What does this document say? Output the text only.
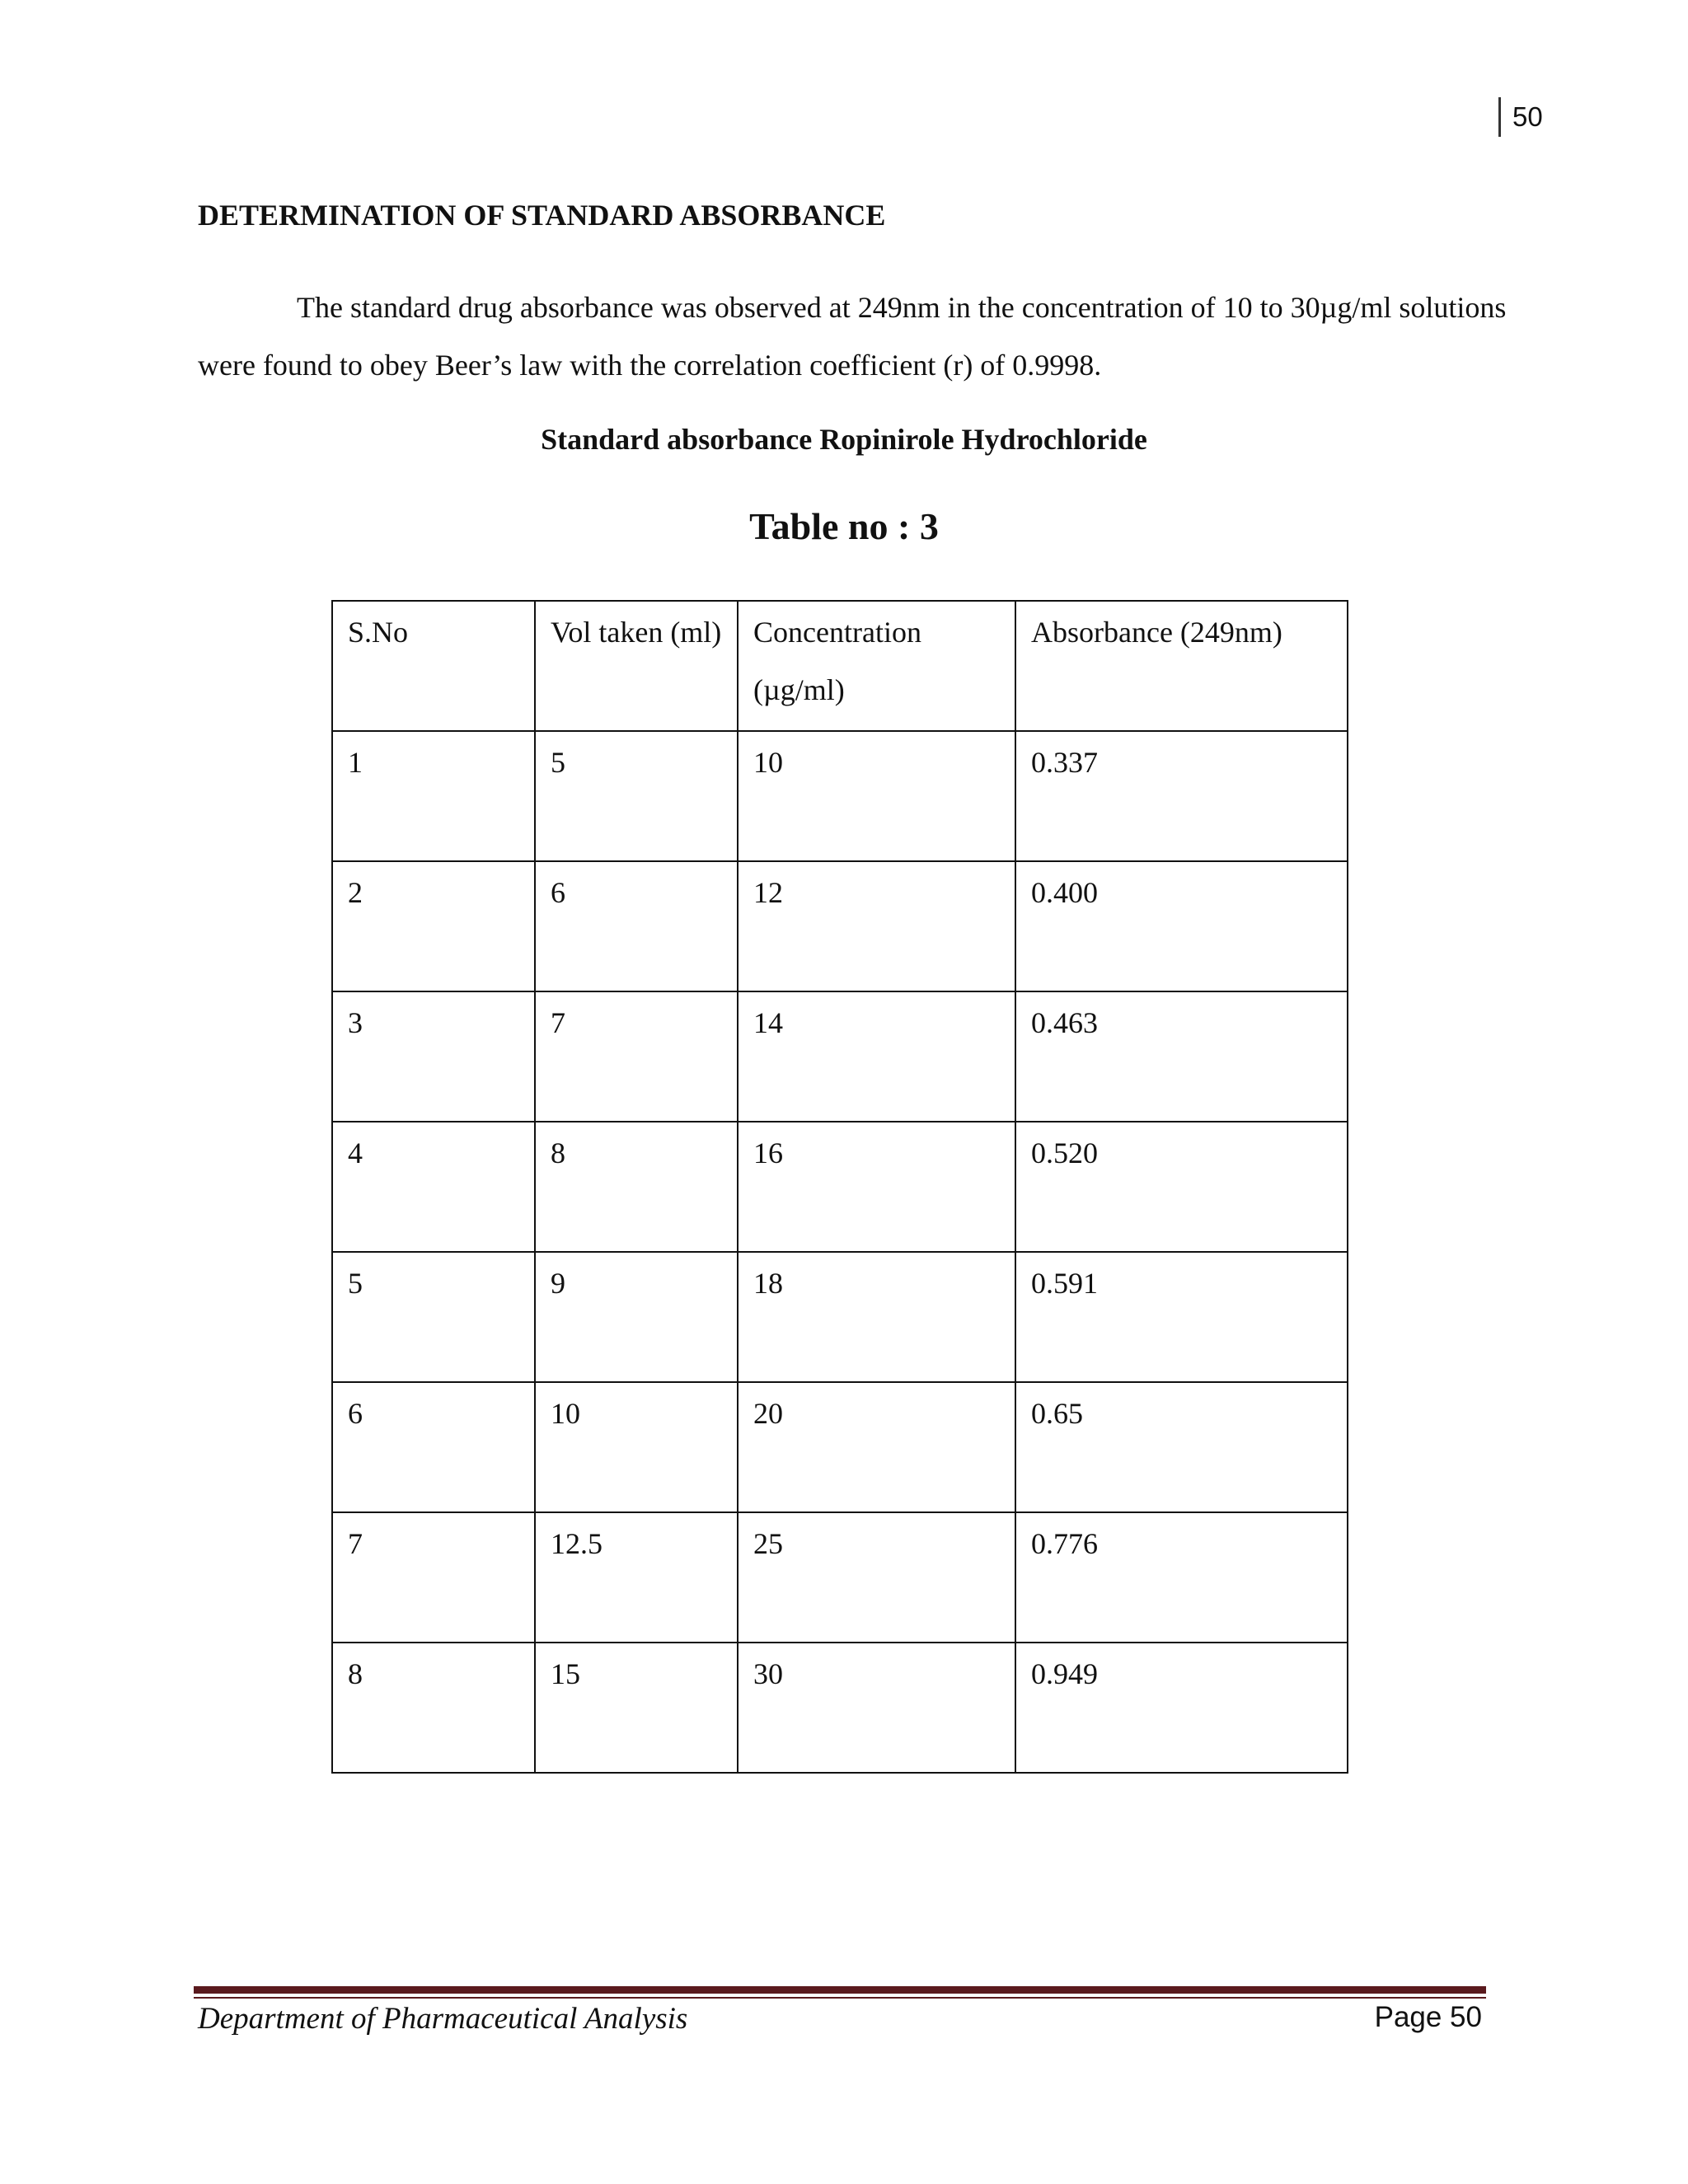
50
DETERMINATION OF STANDARD ABSORBANCE

The standard drug absorbance was observed at 249nm in the concentration of 10 to 30µg/ml solutions were found to obey Beer’s law with the correlation coefficient (r) of 0.9998.

Standard absorbance Ropinirole Hydrochloride

Table no : 3

S.No	Vol taken (ml)	Concentration (µg/ml)	Absorbance (249nm)
1	5	10	0.337
2	6	12	0.400
3	7	14	0.463
4	8	16	0.520
5	9	18	0.591
6	10	20	0.65
7	12.5	25	0.776
8	15	30	0.949

Department of Pharmaceutical Analysis	Page 50
